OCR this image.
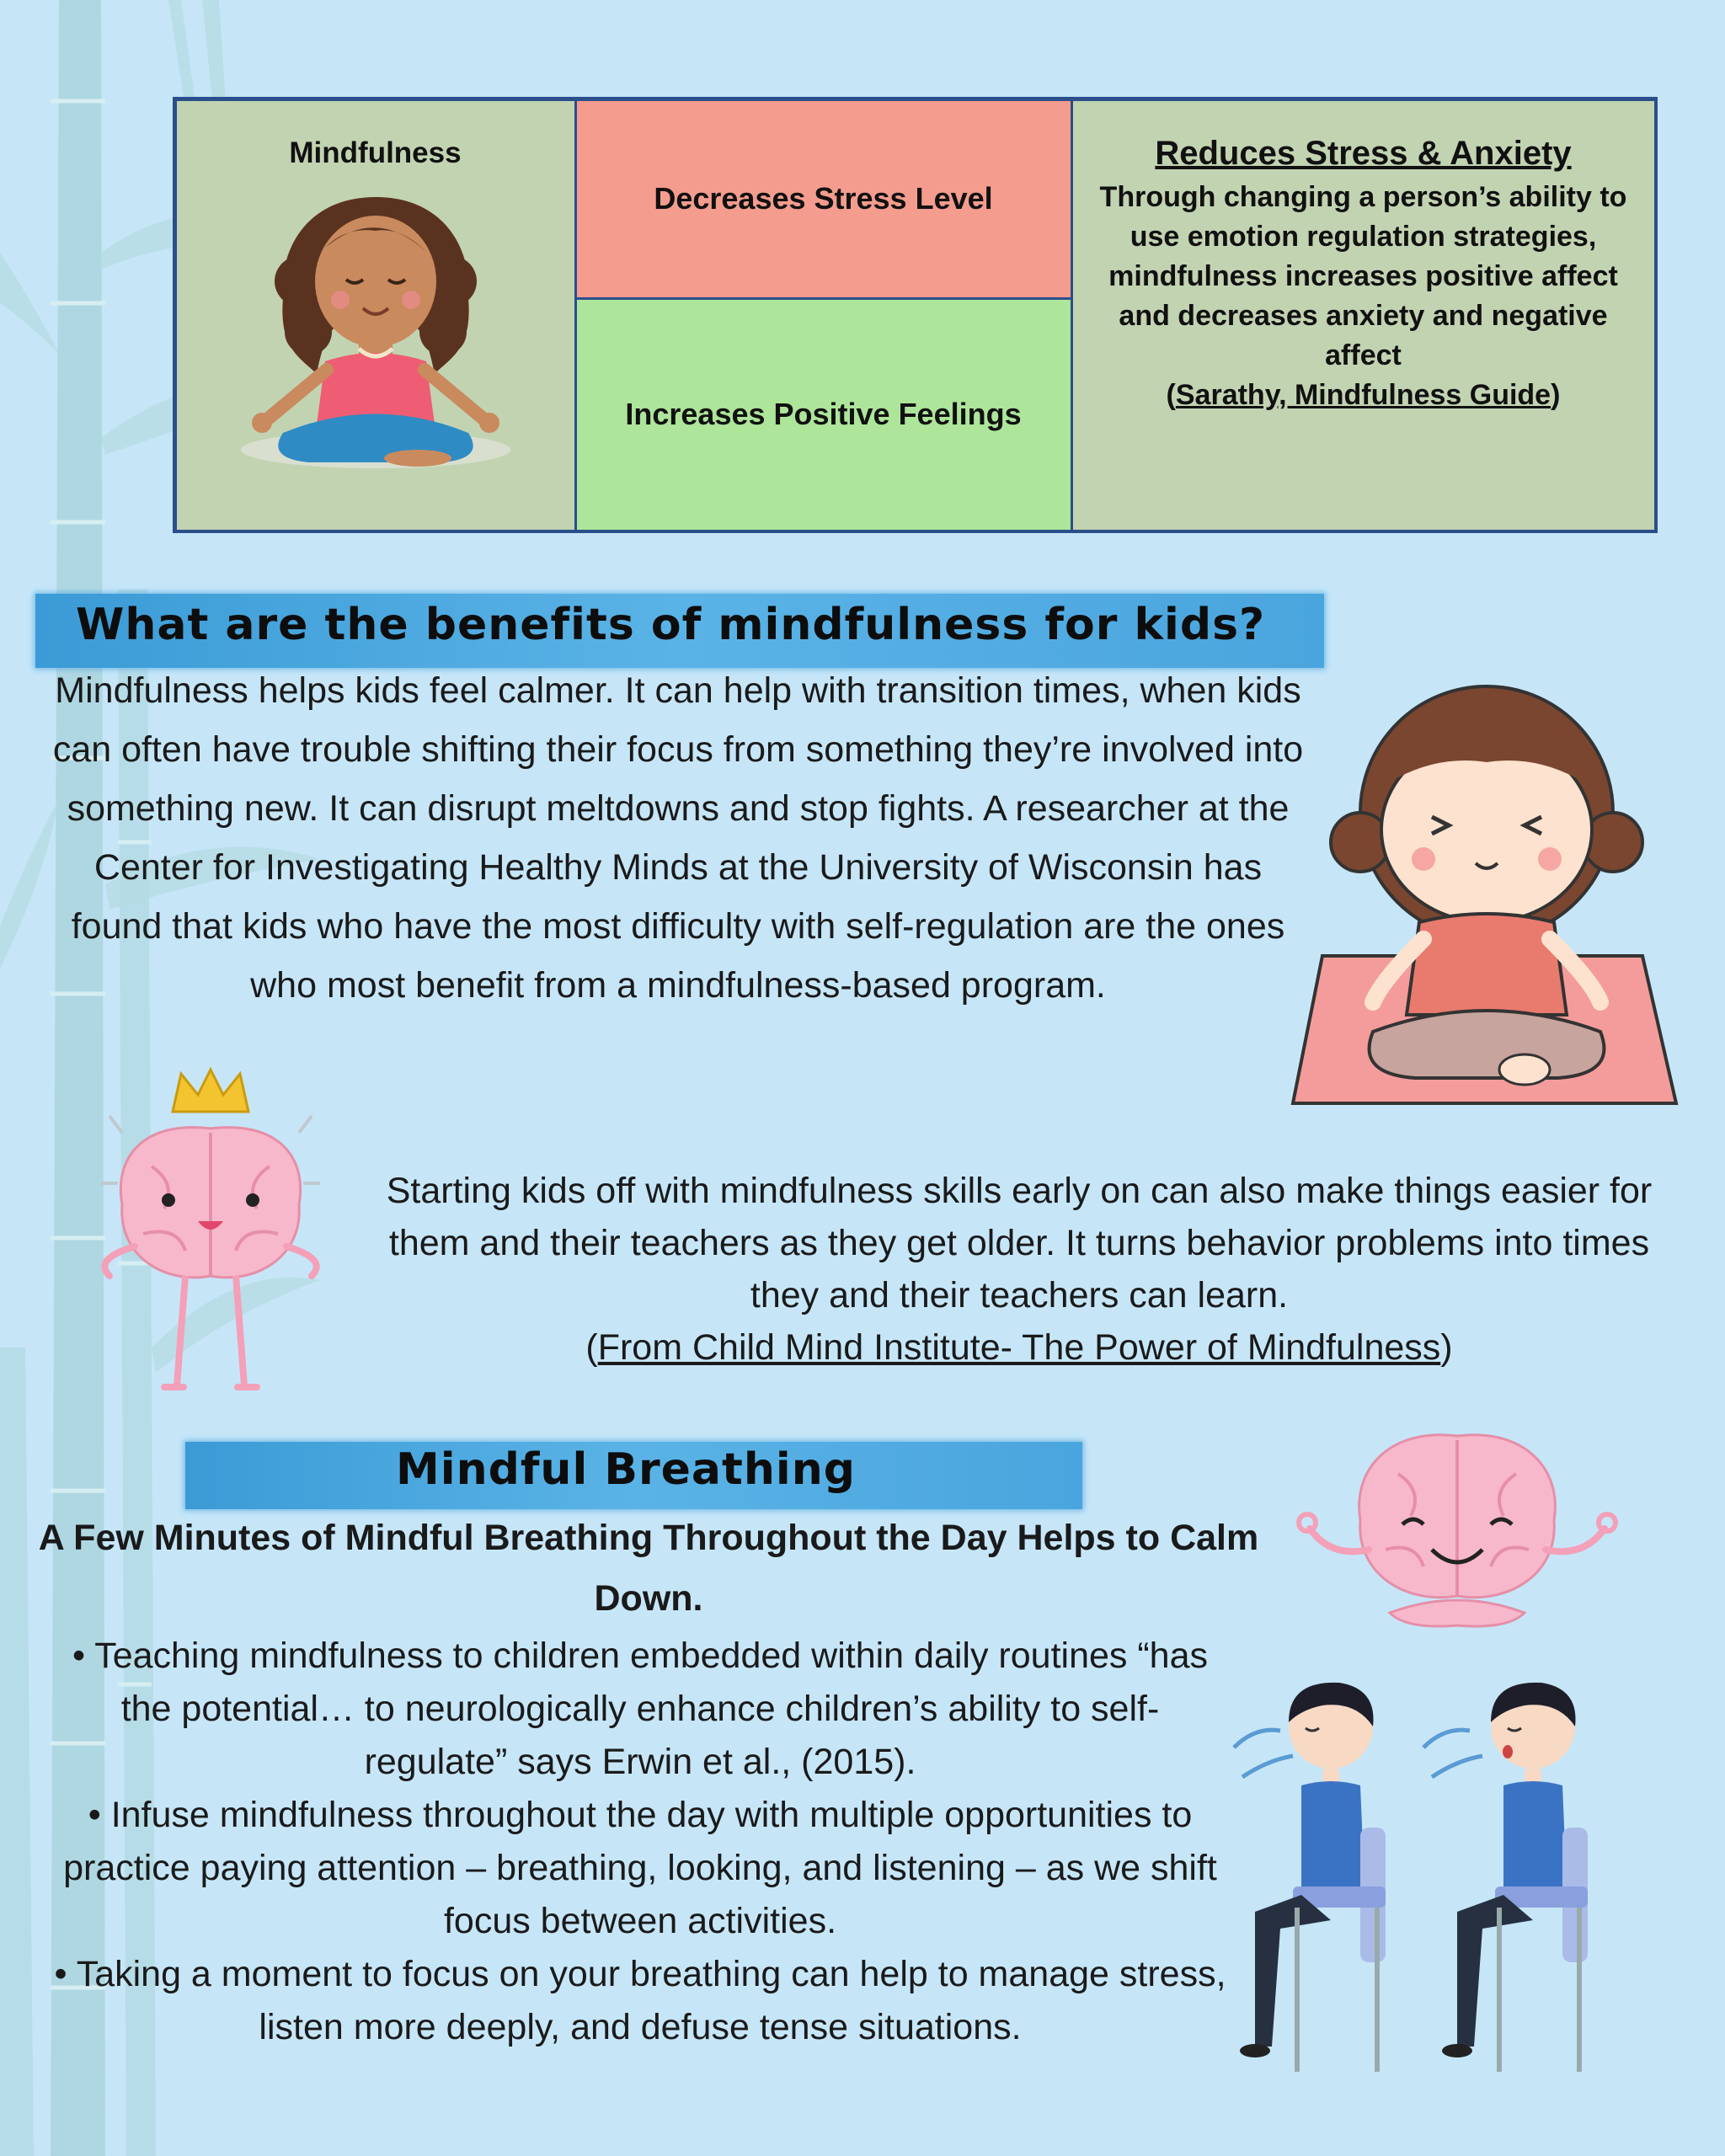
Mindfulness
Decreases Stress Level
Increases Positive Feelings
Reduces Stress & Anxiety
Through changing a person’s ability to use emotion regulation strategies, mindfulness increases positive affect and decreases anxiety and negative affect
(Sarathy, Mindfulness Guide)
What are the benefits of mindfulness for kids?
Mindfulness helps kids feel calmer. It can help with transition times, when kids can often have trouble shifting their focus from something they’re involved into something new. It can disrupt meltdowns and stop fights. A researcher at the Center for Investigating Healthy Minds at the University of Wisconsin has found that kids who have the most difficulty with self-regulation are the ones who most benefit from a mindfulness-based program.
Starting kids off with mindfulness skills early on can also make things easier for them and their teachers as they get older. It turns behavior problems into times they and their teachers can learn.
(From Child Mind Institute- The Power of Mindfulness)
Mindful Breathing
A Few Minutes of Mindful Breathing Throughout the Day Helps to Calm Down.
• Teaching mindfulness to children embedded within daily routines “has the potential… to neurologically enhance children’s ability to self-regulate” says Erwin et al., (2015).
• Infuse mindfulness throughout the day with multiple opportunities to practice paying attention – breathing, looking, and listening – as we shift focus between activities.
• Taking a moment to focus on your breathing can help to manage stress, listen more deeply, and defuse tense situations.
